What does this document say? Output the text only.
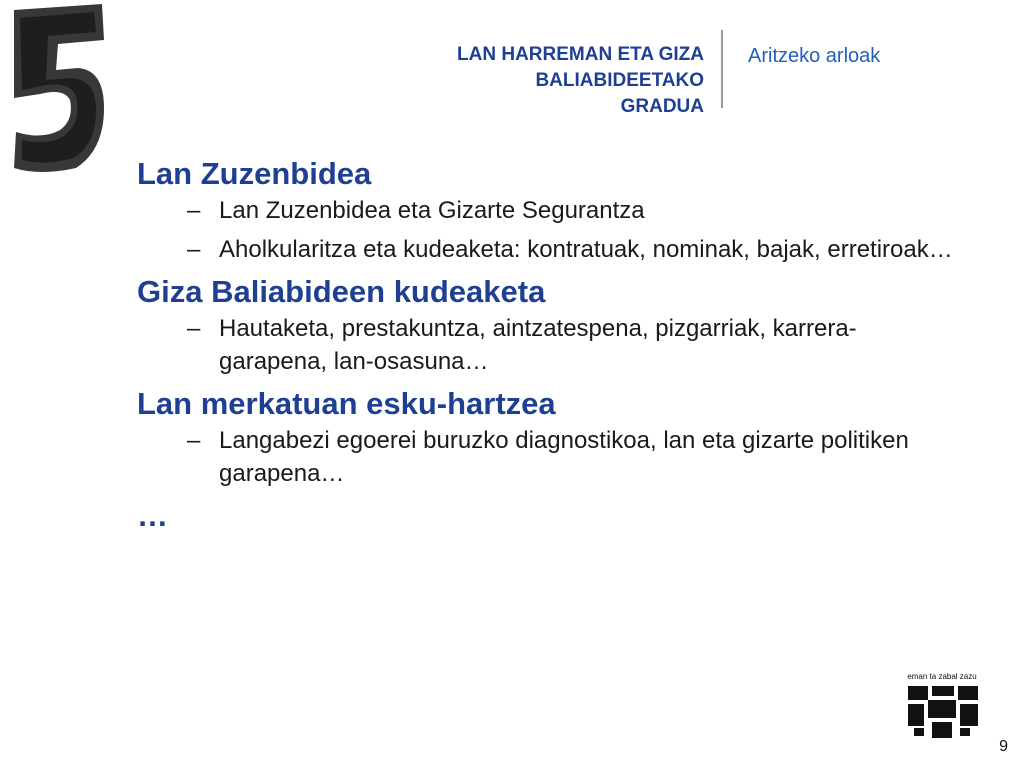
LAN HARREMAN ETA GIZA
BALIABIDEETAKO
GRADUA
Aritzeko arloak
Lan Zuzenbidea
– Lan Zuzenbidea eta Gizarte Segurantza
– Aholkularitza eta kudeaketa: kontratuak, nominak, bajak, erretiroak…
Giza Baliabideen kudeaketa
– Hautaketa, prestakuntza, aintzatespena, pizgarriak, karrera-garapena, lan-osasuna…
Lan merkatuan esku-hartzea
– Langabezi egoerei buruzko diagnostikoa, lan eta gizarte politiken garapena…
…
eman ta zabal zazu
9
